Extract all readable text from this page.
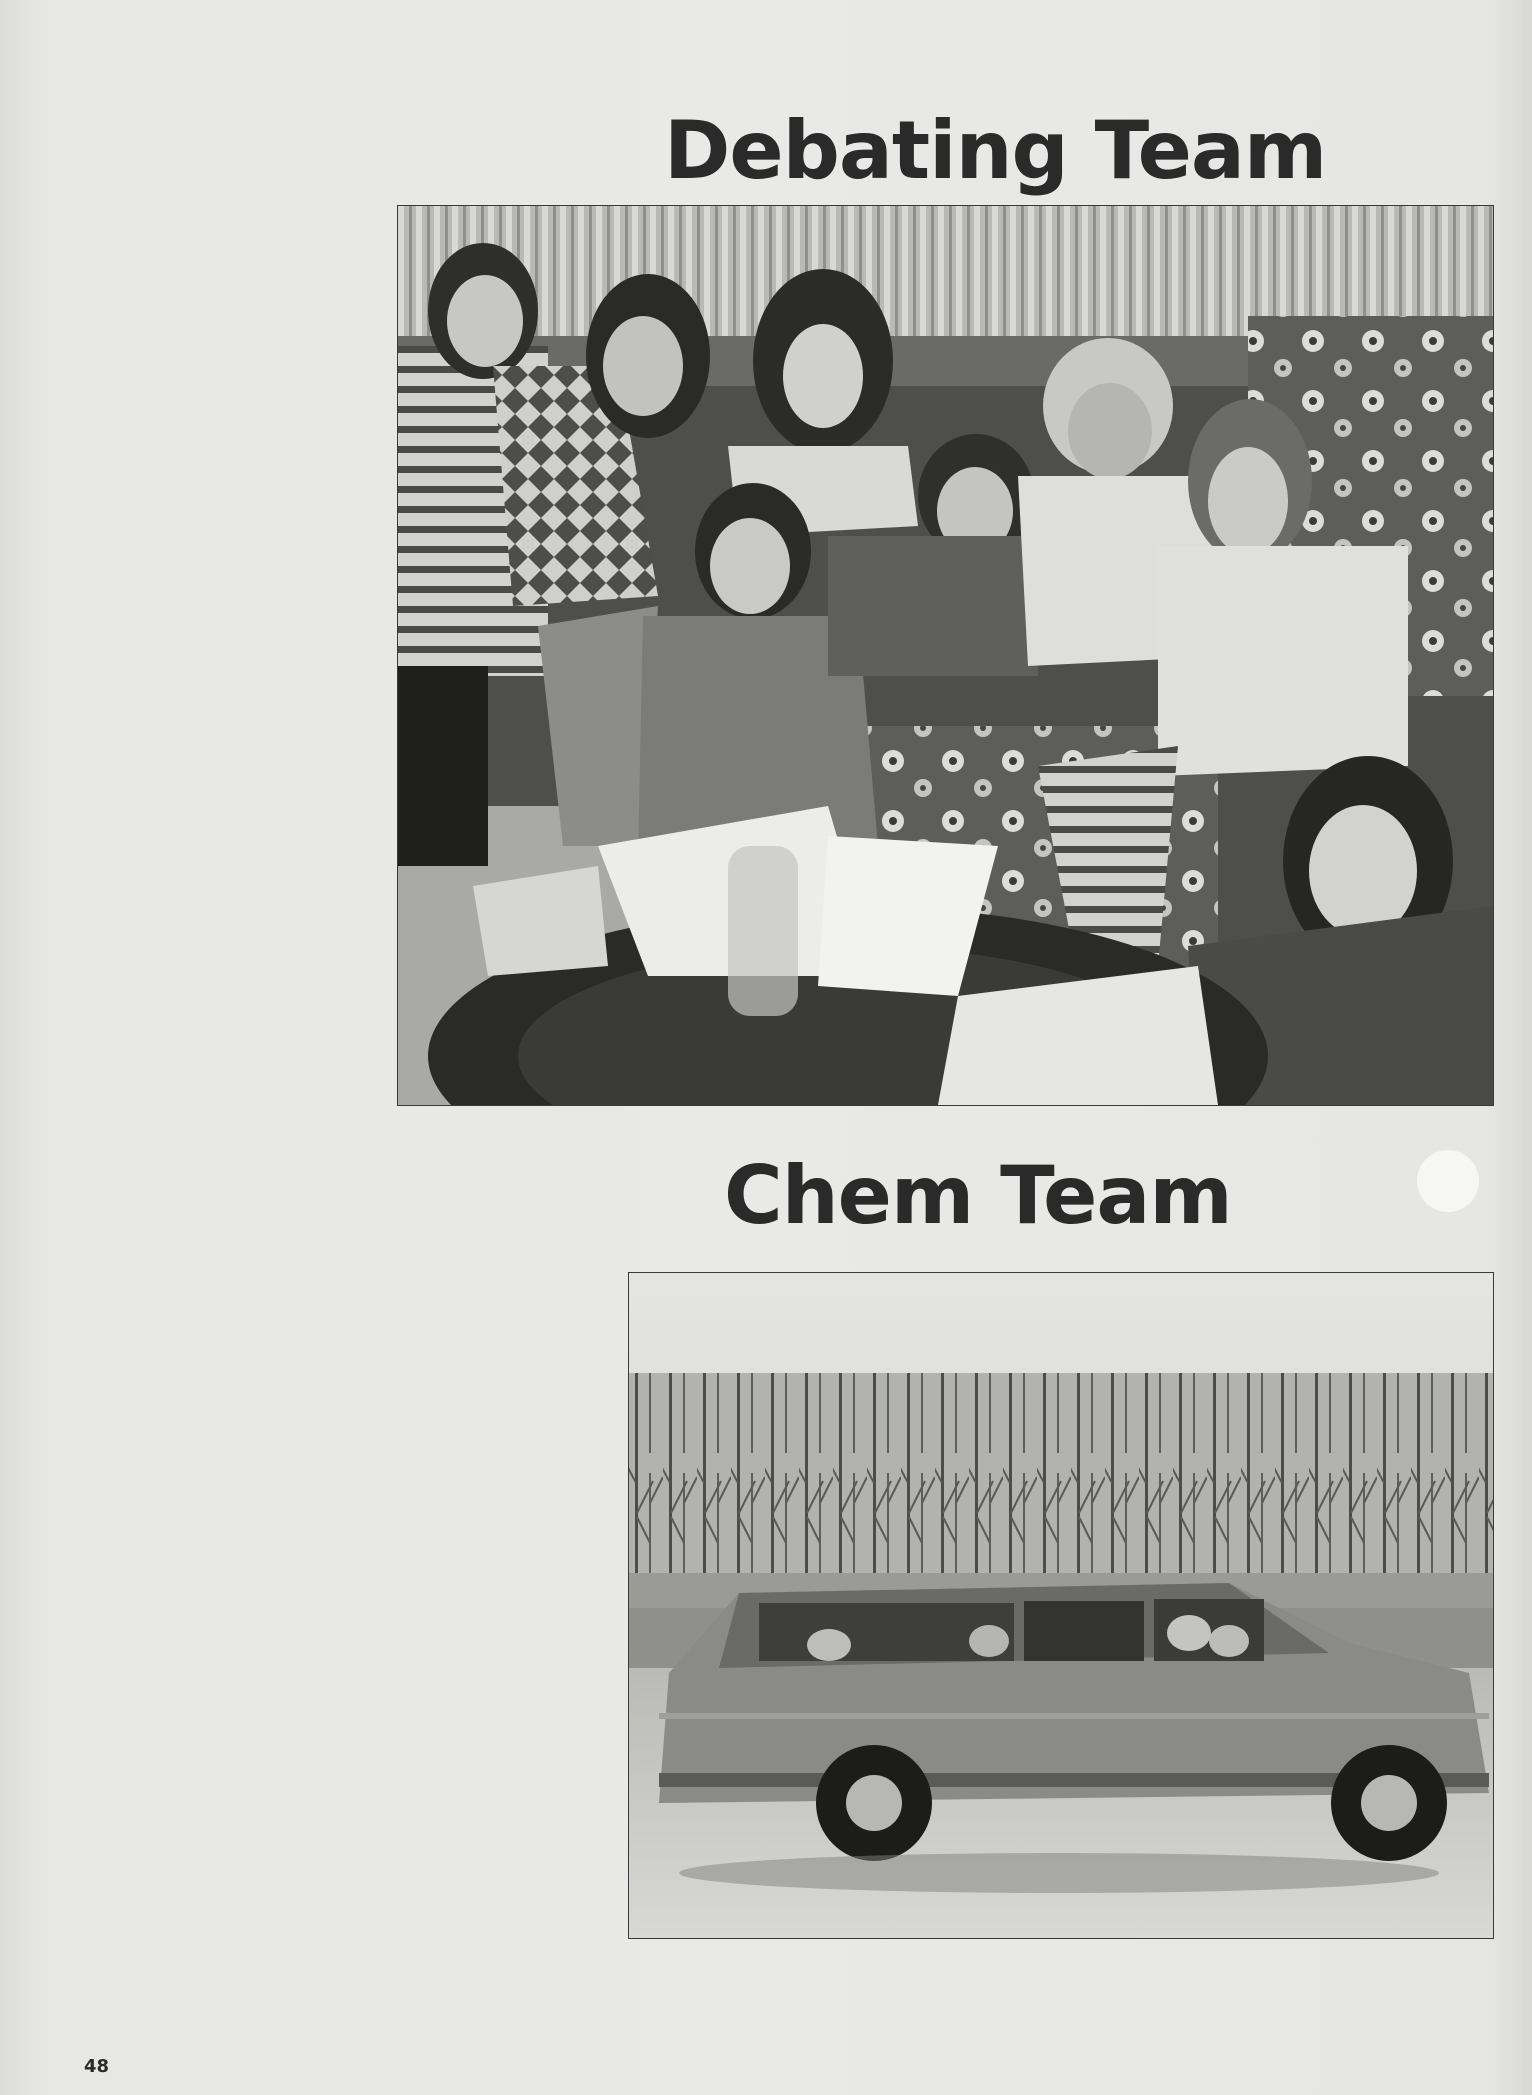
Debating Team
Chem Team
48
